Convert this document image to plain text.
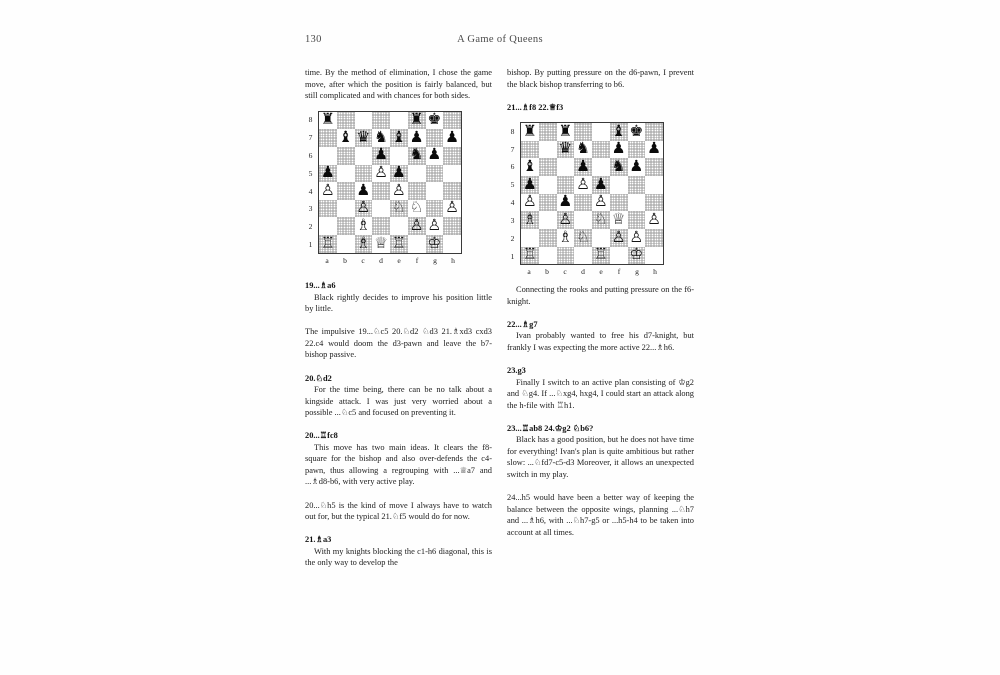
130	A Game of Queens

time. By the method of elimination, I chose the game move, after which the position is fairly balanced, but still complicated and with chances for both sides.

8
7
6
5
4
3
2
1
♜	♜ ♚
♝ ♛ ♞ ♝ ♟ ♟
♟ ♞ ♟
♟	♙ ♟
♙ ♟ ♙
♙ ♘ ♘ ♙
♗	♙ ♙
♖ ♗ ♕ ♖ ♔
a	b	c	d	e	f	g	h
19...♗a6

Black rightly decides to improve his position little by little.

The impulsive 19...♘c5 20.♘d2 ♘d3 21.♗xd3 cxd3 22.c4 would doom the d3-pawn and leave the b7-bishop passive.

20.♘d2

For the time being, there can be no talk about a kingside attack. I was just very worried about a possible ...♘c5 and focused on preventing it.

20...♖fc8

This move has two main ideas. It clears the f8-square for the bishop and also over-defends the c4-pawn, thus allowing a regrouping with ...♕a7 and ...♗d8-b6, with very active play.

20...♘h5 is the kind of move I always have to watch out for, but the typical 21.♘f5 would do for now.

21.♗a3

With my knights blocking the c1-h6 diagonal, this is the only way to develop the

bishop. By putting pressure on the d6-pawn, I prevent the black bishop transferring to b6.

21...♗f8 22.♕f3
8
7
6
5
4
3
2
1
♜ ♜	♝ ♚
♛ ♞ ♟ ♟
♝	♟ ♞ ♟
♟	♙ ♟
♙ ♟ ♙
♗ ♙ ♘ ♕ ♙
♗ ♘ ♙ ♙
♖	♖ ♔
a	b	c	d	e	f	g	h

Connecting the rooks and putting pressure on the f6-knight.

22...♗g7

Ivan probably wanted to free his d7-knight, but frankly I was expecting the more active 22...♗h6.

23.g3

Finally I switch to an active plan consisting of ♔g2 and ♘g4. If ...♘xg4, hxg4, I could start an attack along the h-file with ♖h1.

23...♖ab8 24.♔g2 ♘b6?

Black has a good position, but he does not have time for everything! Ivan's plan is quite ambitious but rather slow: ...♘fd7-c5-d3 Moreover, it allows an unexpected switch in my play.

24...h5 would have been a better way of keeping the balance between the opposite wings, planning ...♘h7 and ...♗h6, with ...♘h7-g5 or ...h5-h4 to be taken into account at all times.
